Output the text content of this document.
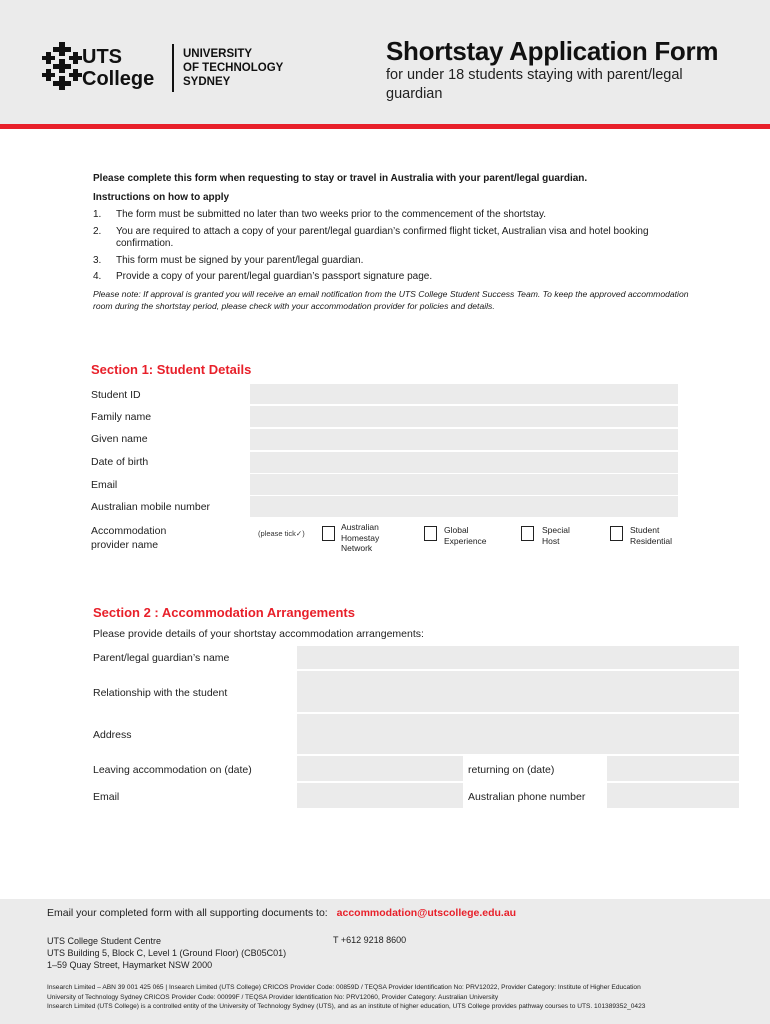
UTS
College
UNIVERSITY
OF TECHNOLOGY
SYDNEY
Shortstay Application Form
for under 18 students staying with parent/legal guardian
Please complete this form when requesting to stay or travel in Australia with your parent/legal guardian.
Instructions on how to apply
1.	The form must be submitted no later than two weeks prior to the commencement of the shortstay.
2.	You are required to attach a copy of your parent/legal guardian’s confirmed flight ticket, Australian visa and hotel booking confirmation.
3.	This form must be signed by your parent/legal guardian.
4.	Provide a copy of your parent/legal guardian’s passport signature page.
Please note: If approval is granted you will receive an email notification from the UTS College Student Success Team. To keep the approved accommodation room during the shortstay period, please check with your accommodation provider for policies and details.
Section 1: Student Details
Student ID
Family name
Given name
Date of birth
Email
Australian mobile number
Accommodation provider name
(please tick✓)
Australian Homestay Network
Global Experience
Special Host
Student Residential
Section 2 : Accommodation Arrangements
Please provide details of your shortstay accommodation arrangements:
Parent/legal guardian’s name
Relationship with the student
Address
Leaving accommodation on (date)	returning on (date)
Email	Australian phone number
Email your completed form with all supporting documents to: accommodation@utscollege.edu.au
UTS College Student Centre
UTS Building 5, Block C, Level 1 (Ground Floor) (CB05C01)
1–59 Quay Street, Haymarket NSW 2000
T +612 9218 8600
Insearch Limited – ABN 39 001 425 065 | Insearch Limited (UTS College) CRICOS Provider Code: 00859D / TEQSA Provider Identification No: PRV12022, Provider Category: Institute of Higher Education
University of Technology Sydney CRICOS Provider Code: 00099F / TEQSA Provider Identification No: PRV12060, Provider Category: Australian University
Insearch Limited (UTS College) is a controlled entity of the University of Technology Sydney (UTS), and as an institute of higher education, UTS College provides pathway courses to UTS. 101389352_0423
